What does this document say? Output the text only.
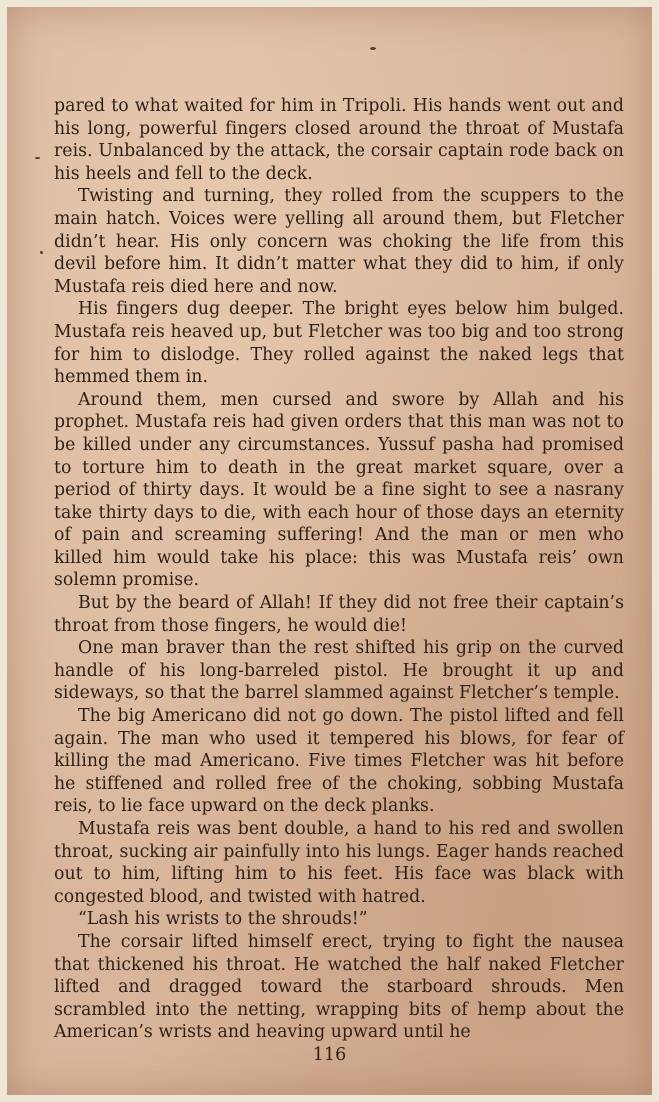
pared to what waited for him in Tripoli. His hands went out and his long, powerful fingers closed around the throat of Mustafa reis. Unbalanced by the attack, the corsair captain rode back on his heels and fell to the deck.

Twisting and turning, they rolled from the scuppers to the main hatch. Voices were yelling all around them, but Fletcher didn’t hear. His only concern was choking the life from this devil before him. It didn’t matter what they did to him, if only Mustafa reis died here and now.

His fingers dug deeper. The bright eyes below him bulged. Mustafa reis heaved up, but Fletcher was too big and too strong for him to dislodge. They rolled against the naked legs that hemmed them in.

Around them, men cursed and swore by Allah and his prophet. Mustafa reis had given orders that this man was not to be killed under any circumstances. Yussuf pasha had promised to torture him to death in the great market square, over a period of thirty days. It would be a fine sight to see a nasrany take thirty days to die, with each hour of those days an eternity of pain and screaming suffering! And the man or men who killed him would take his place: this was Mustafa reis’ own solemn promise.

But by the beard of Allah! If they did not free their captain’s throat from those fingers, he would die!

One man braver than the rest shifted his grip on the curved handle of his long-barreled pistol. He brought it up and sideways, so that the barrel slammed against Fletcher’s temple.

The big Americano did not go down. The pistol lifted and fell again. The man who used it tempered his blows, for fear of killing the mad Americano. Five times Fletcher was hit before he stiffened and rolled free of the choking, sobbing Mustafa reis, to lie face upward on the deck planks.

Mustafa reis was bent double, a hand to his red and swollen throat, sucking air painfully into his lungs. Eager hands reached out to him, lifting him to his feet. His face was black with congested blood, and twisted with hatred.

“Lash his wrists to the shrouds!”

The corsair lifted himself erect, trying to fight the nausea that thickened his throat. He watched the half naked Fletcher lifted and dragged toward the starboard shrouds. Men scrambled into the netting, wrapping bits of hemp about the American’s wrists and heaving upward until he

116
